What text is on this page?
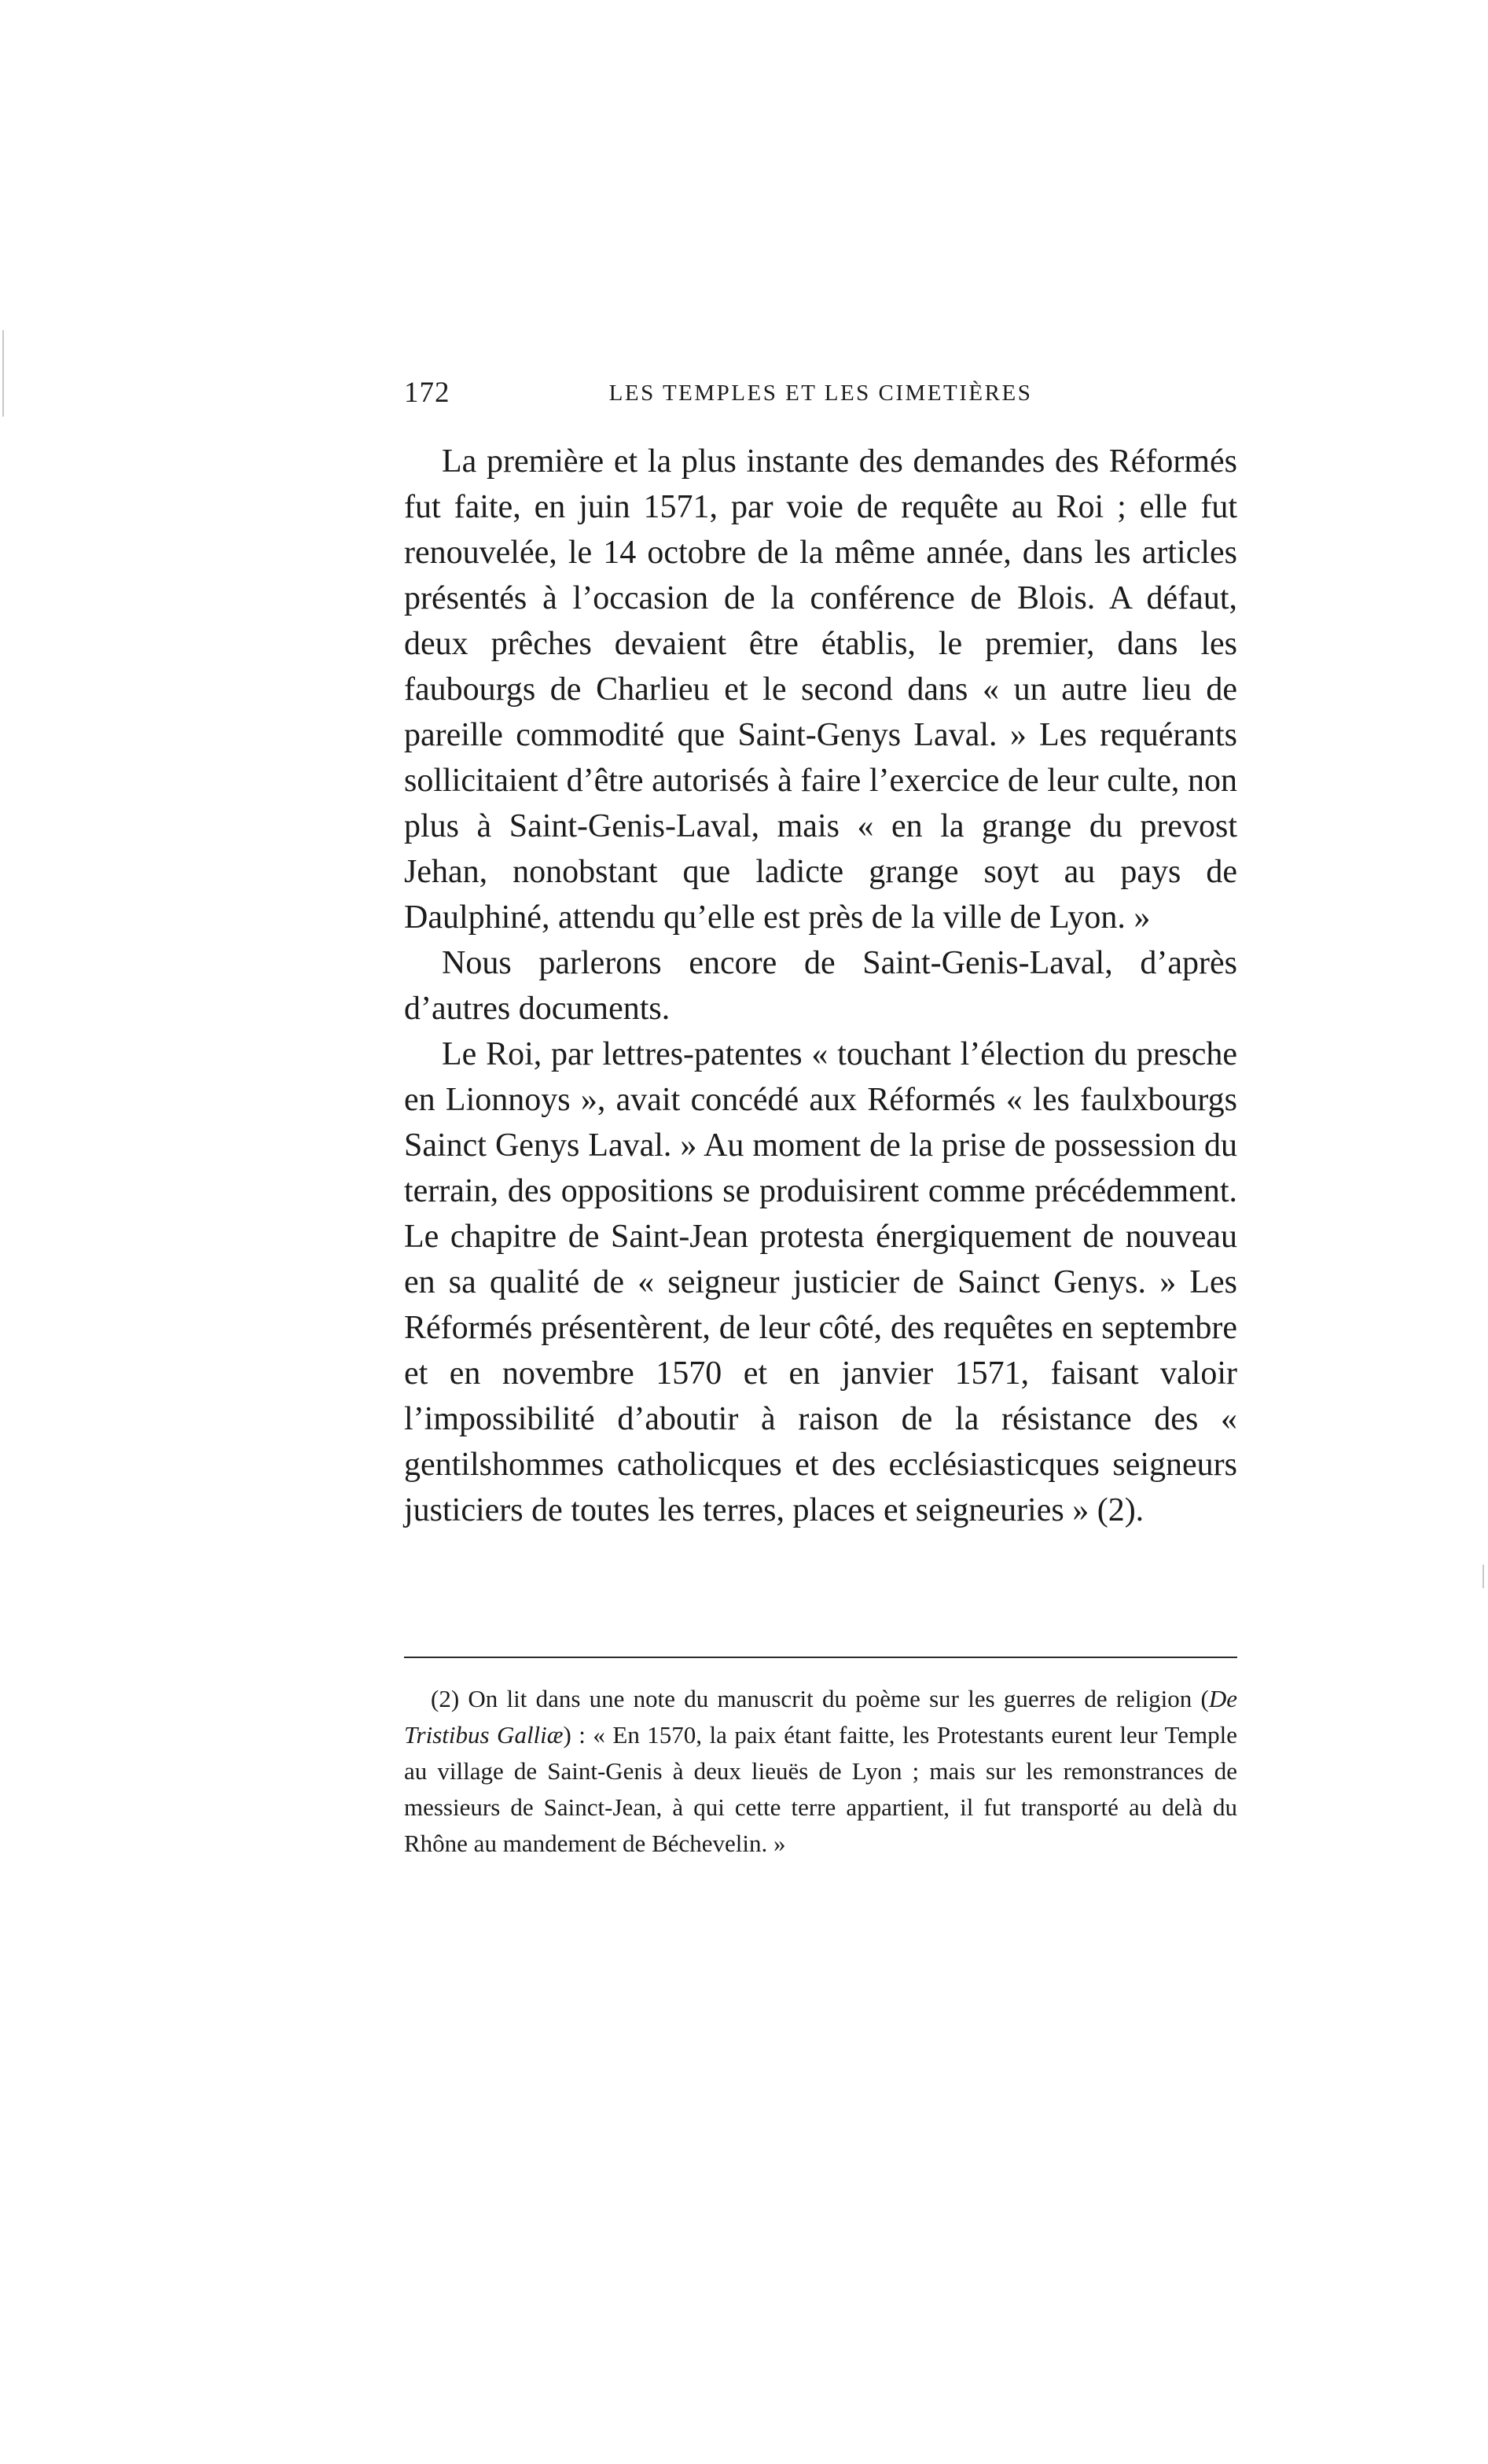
172	LES TEMPLES ET LES CIMETIÈRES

La première et la plus instante des demandes des Réformés fut faite, en juin 1571, par voie de requête au Roi ; elle fut renouvelée, le 14 octobre de la même année, dans les articles présentés à l’occasion de la conférence de Blois. A défaut, deux prêches devaient être établis, le premier, dans les faubourgs de Charlieu et le second dans « un autre lieu de pareille commodité que Saint-Genys Laval. » Les requérants sollicitaient d’être autorisés à faire l’exercice de leur culte, non plus à Saint-Genis-Laval, mais « en la grange du prevost Jehan, nonobstant que ladicte grange soyt au pays de Daulphiné, attendu qu’elle est près de la ville de Lyon. »

Nous parlerons encore de Saint-Genis-Laval, d’après d’autres documents.

Le Roi, par lettres-patentes « touchant l’élection du presche en Lionnoys », avait concédé aux Réformés « les faulxbourgs Sainct Genys Laval. » Au moment de la prise de possession du terrain, des oppositions se produisirent comme précédemment. Le chapitre de Saint-Jean protesta énergiquement de nouveau en sa qualité de « seigneur justicier de Sainct Genys. » Les Réformés présentèrent, de leur côté, des requêtes en septembre et en novembre 1570 et en janvier 1571, faisant valoir l’impossibilité d’aboutir à raison de la résistance des « gentilshommes catholicques et des ecclésiasticques seigneurs justiciers de toutes les terres, places et seigneuries » (2).

(2) On lit dans une note du manuscrit du poème sur les guerres de religion (De Tristibus Galliæ) : « En 1570, la paix étant faitte, les Protestants eurent leur Temple au village de Saint-Genis à deux lieuës de Lyon ; mais sur les remonstrances de messieurs de Sainct-Jean, à qui cette terre appartient, il fut transporté au delà du Rhône au mandement de Béchevelin. »
